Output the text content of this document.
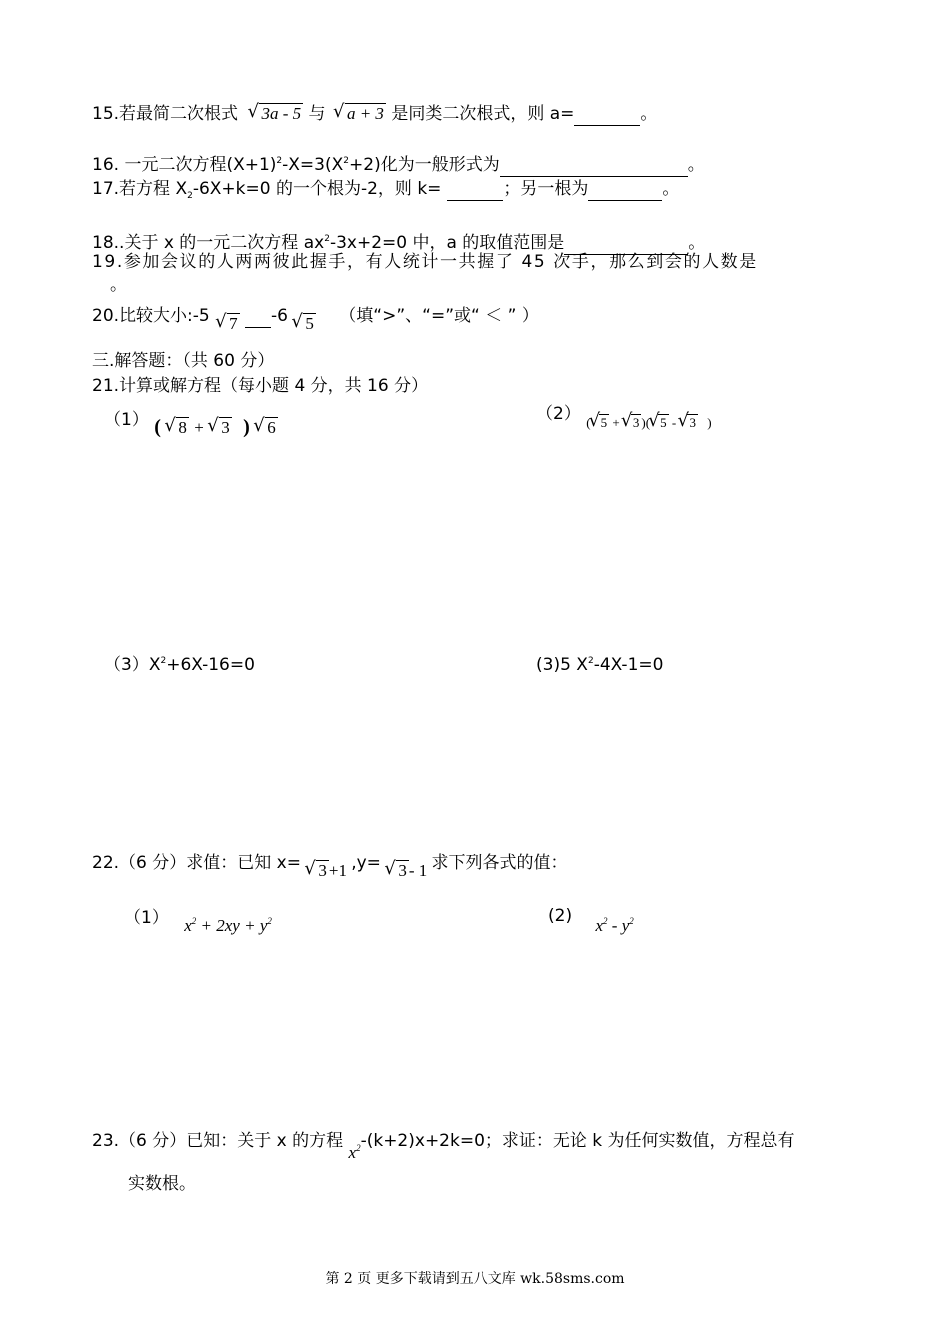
15.若最简二次根式 √ 3a - 5 与 √ a + 3 是同类二次根式，则 a=	。
16. 一元二次方程$(X+1)^2-X=3(X^2+2)$化为一般形式为	。
17.若方程 $X_2-6X+k=0$ 的一个根为-2，则 k=	；另一根为	。
18..关于 x 的一元二次方程 $ax^2-3x+2=0$ 中，a 的取值范围是	。
19.参加会议的人两两彼此握手，有人统计一共握了 45 次手，那么到会的人数是
。
20.比较大小:-5 √ 7 -6 √ 5 （填“>”、“=”或“ ＜ ” ）
三.解答题：（共 60 分）
21.计算或解方程（每小题 4 分，共 16 分）
（1） ( √ 8 + √ 3 ) √ 6
（2） $_{( √ 5 + √ 3 )( √ 5 - √ 3 )}$
$(3)X^2+6X-16=0$	(3)5 $X^2-4X-1=0$
22.（6 分）求值：已知 x= √ 3 +1 ,y= √ 3 - 1 求下列各式的值：
（1） $x^2 + 2xy + y^2$	(2) $x^2 - y^2$
23.（6 分）已知：关于 x 的方程 $x^2-(k+2)x+2k=0$；求证：无论 k 为任何实数值，方程总有
实数根。
第 2 页 更多下载请到五八文库 wk.58sms.com
